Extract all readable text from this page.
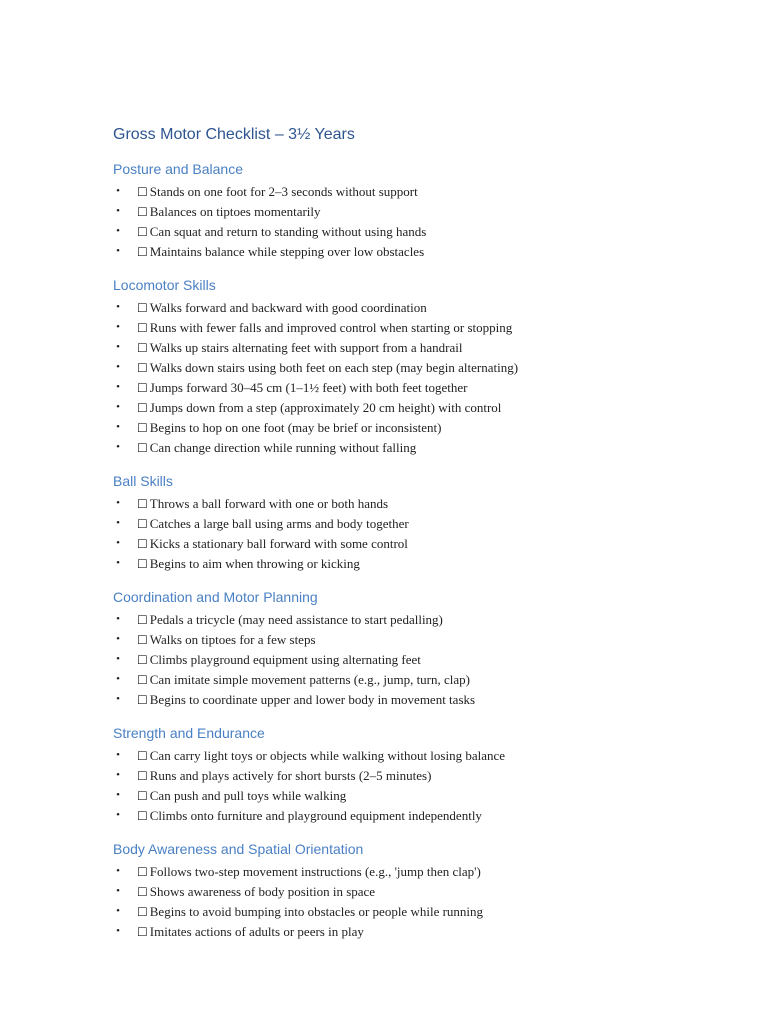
Gross Motor Checklist – 3½ Years
Posture and Balance
• ☐ Stands on one foot for 2–3 seconds without support
• ☐ Balances on tiptoes momentarily
• ☐ Can squat and return to standing without using hands
• ☐ Maintains balance while stepping over low obstacles
Locomotor Skills
• ☐ Walks forward and backward with good coordination
• ☐ Runs with fewer falls and improved control when starting or stopping
• ☐ Walks up stairs alternating feet with support from a handrail
• ☐ Walks down stairs using both feet on each step (may begin alternating)
• ☐ Jumps forward 30–45 cm (1–1½ feet) with both feet together
• ☐ Jumps down from a step (approximately 20 cm height) with control
• ☐ Begins to hop on one foot (may be brief or inconsistent)
• ☐ Can change direction while running without falling
Ball Skills
• ☐ Throws a ball forward with one or both hands
• ☐ Catches a large ball using arms and body together
• ☐ Kicks a stationary ball forward with some control
• ☐ Begins to aim when throwing or kicking
Coordination and Motor Planning
• ☐ Pedals a tricycle (may need assistance to start pedalling)
• ☐ Walks on tiptoes for a few steps
• ☐ Climbs playground equipment using alternating feet
• ☐ Can imitate simple movement patterns (e.g., jump, turn, clap)
• ☐ Begins to coordinate upper and lower body in movement tasks
Strength and Endurance
• ☐ Can carry light toys or objects while walking without losing balance
• ☐ Runs and plays actively for short bursts (2–5 minutes)
• ☐ Can push and pull toys while walking
• ☐ Climbs onto furniture and playground equipment independently
Body Awareness and Spatial Orientation
• ☐ Follows two-step movement instructions (e.g., 'jump then clap')
• ☐ Shows awareness of body position in space
• ☐ Begins to avoid bumping into obstacles or people while running
• ☐ Imitates actions of adults or peers in play
